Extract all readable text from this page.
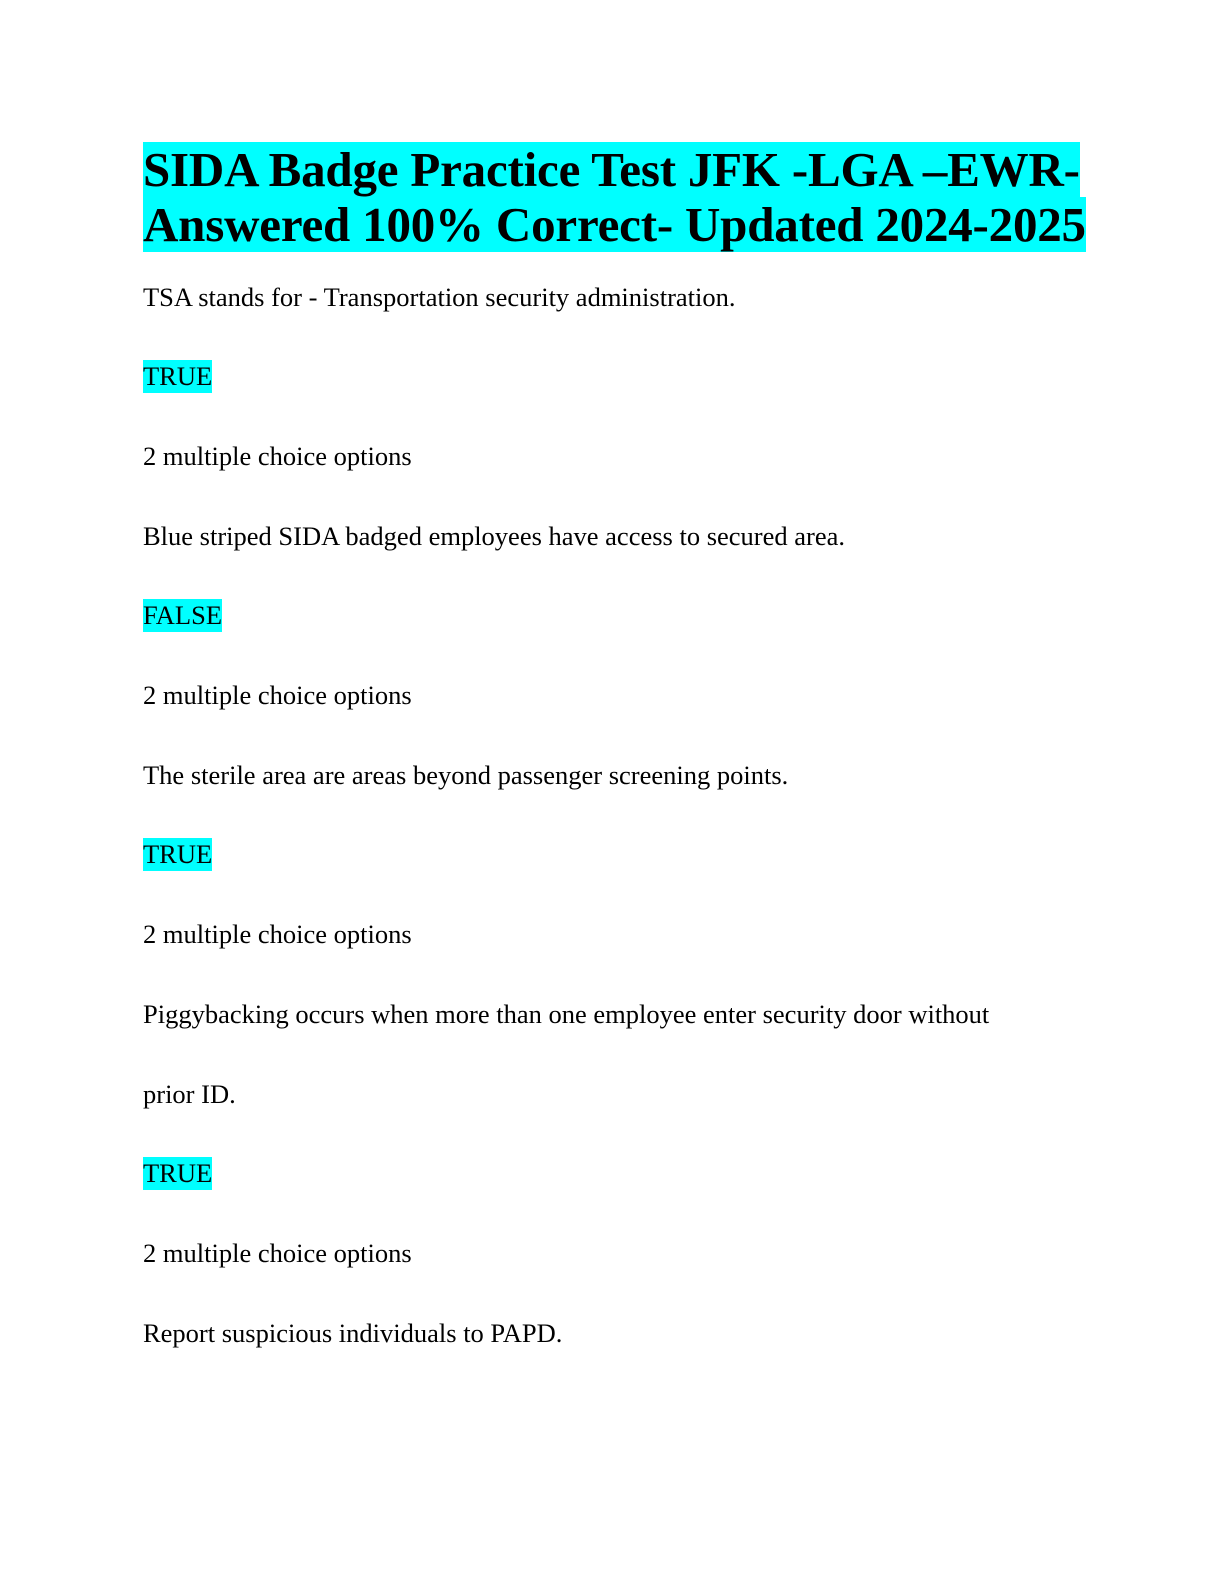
SIDA Badge Practice Test JFK -LGA –EWR-
Answered 100% Correct- Updated 2024-2025
TSA stands for - Transportation security administration.
TRUE
2 multiple choice options
Blue striped SIDA badged employees have access to secured area.
FALSE
2 multiple choice options
The sterile area are areas beyond passenger screening points.
TRUE
2 multiple choice options
Piggybacking occurs when more than one employee enter security door without
prior ID.
TRUE
2 multiple choice options
Report suspicious individuals to PAPD.
